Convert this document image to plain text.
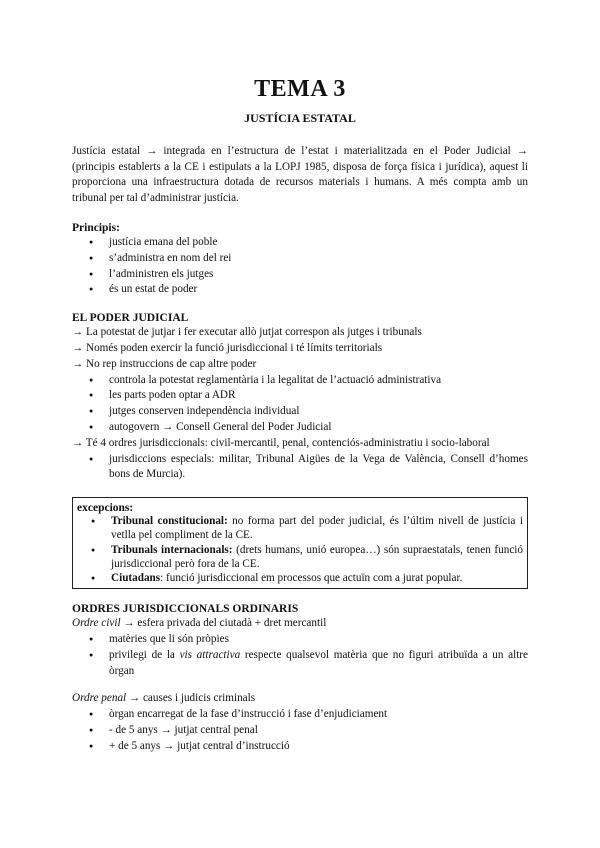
TEMA 3
JUSTÍCIA ESTATAL
Justícia estatal → integrada en l’estructura de l’estat i materialitzada en el Poder Judicial → (principis establerts a la CE i estipulats a la LOPJ 1985, disposa de força física i jurídica), aquest li proporciona una infraestructura dotada de recursos materials i humans. A més compta amb un tribunal per tal d’administrar justícia.
Principis:
● justícia emana del poble
● s’administra en nom del rei
● l’administren els jutges
● és un estat de poder
EL PODER JUDICIAL
→ La potestat de jutjar i fer executar allò jutjat correspon als jutges i tribunals
→ Només poden exercir la funció jurisdiccional i té límits territorials
→ No rep instruccions de cap altre poder
● controla la potestat reglamentària i la legalitat de l’actuació administrativa
● les parts poden optar a ADR
● jutges conserven independència individual
● autogovern → Consell General del Poder Judicial
→ Té 4 ordres jurisdiccionals: civil-mercantil, penal, contenciós-administratiu i socio-laboral
● jurisdiccions especials: militar, Tribunal Aigües de la Vega de València, Consell d’homes bons de Murcia).
excepcions:
● Tribunal constitucional: no forma part del poder judicial, és l’últim nivell de justícia i vetlla pel compliment de la CE.
● Tribunals internacionals: (drets humans, unió europea…) són supraestatals, tenen funció jurisdiccional però fora de la CE.
● Ciutadans: funció jurisdiccional em processos que actuïn com a jurat popular.
ORDRES JURISDICCIONALS ORDINARIS
Ordre civil → esfera privada del ciutadà + dret mercantil
● matèries que li són pròpies
● privilegi de la vis attractiva respecte qualsevol matèria que no figuri atribuïda a un altre òrgan
Ordre penal → causes i judicis criminals
● òrgan encarregat de la fase d’instrucció i fase d’enjudiciament
● - de 5 anys → jutjat central penal
● + de 5 anys → jutjat central d’instrucció
